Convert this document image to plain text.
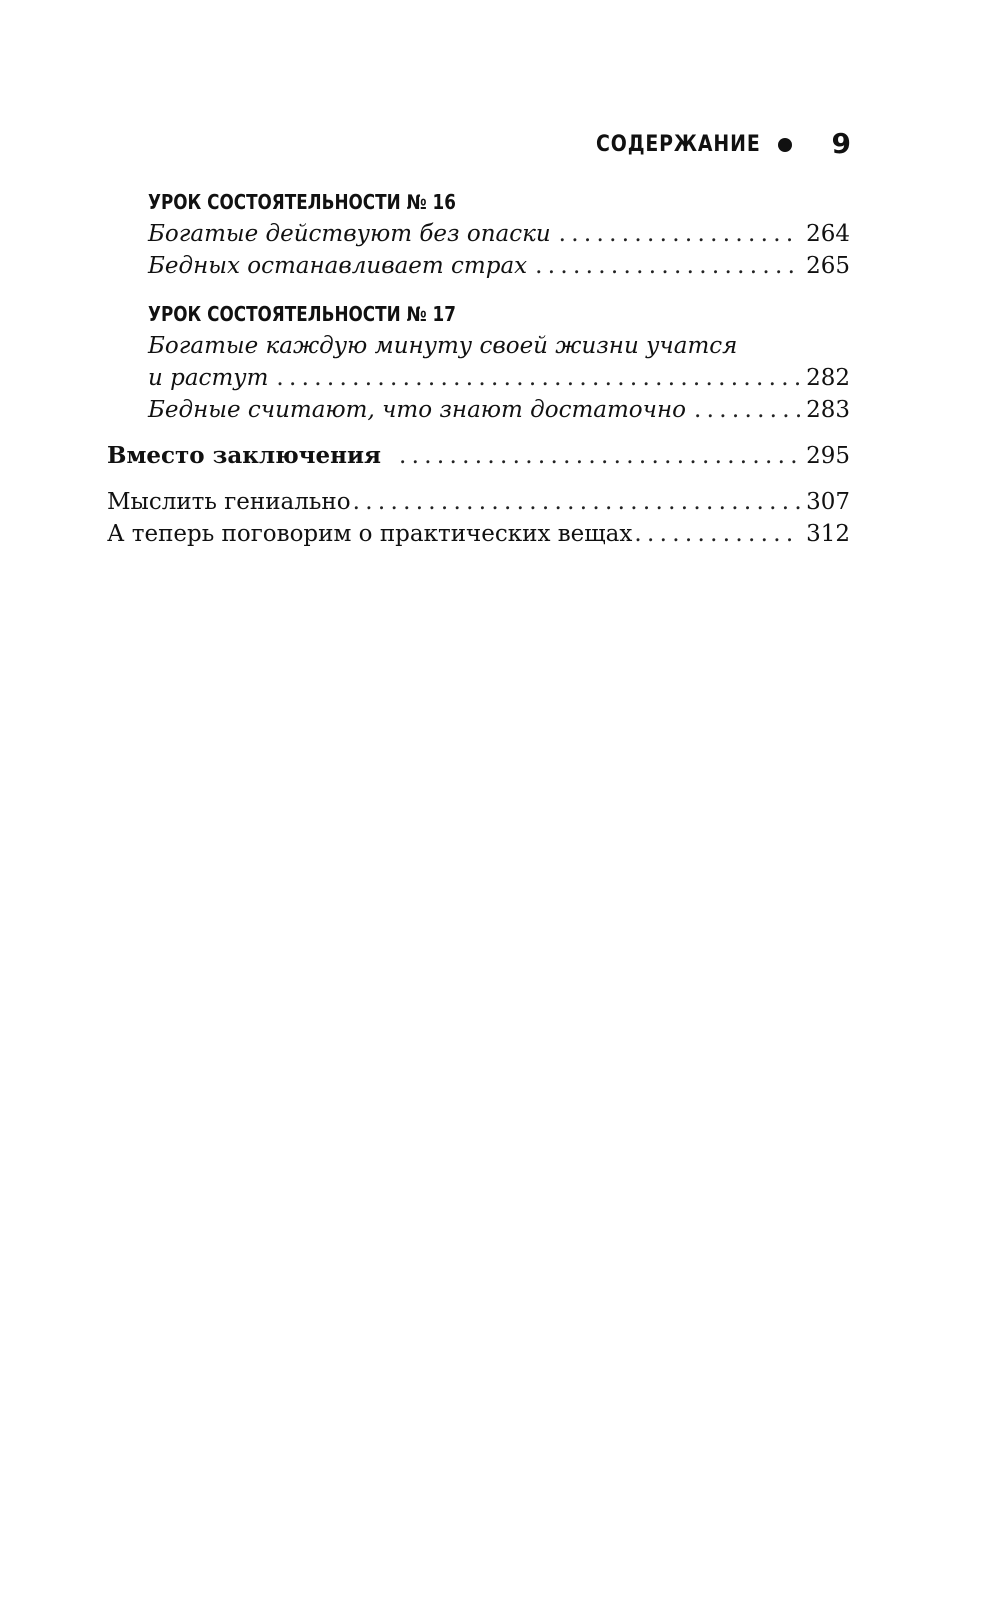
СОДЕРЖАНИЕ	9
УРОК СОСТОЯТЕЛЬНОСТИ № 16
Богатые действуют без опаски . . .	264
Бедных останавливает страх . . .	265
УРОК СОСТОЯТЕЛЬНОСТИ № 17
Богатые каждую минуту своей жизни учатся
и растут . . .	282
Бедные считают, что знают достаточно . . .	283
Вместо заключения . . .	295
Мыслить гениально . . .	307
А теперь поговорим о практических вещах . . .	312
